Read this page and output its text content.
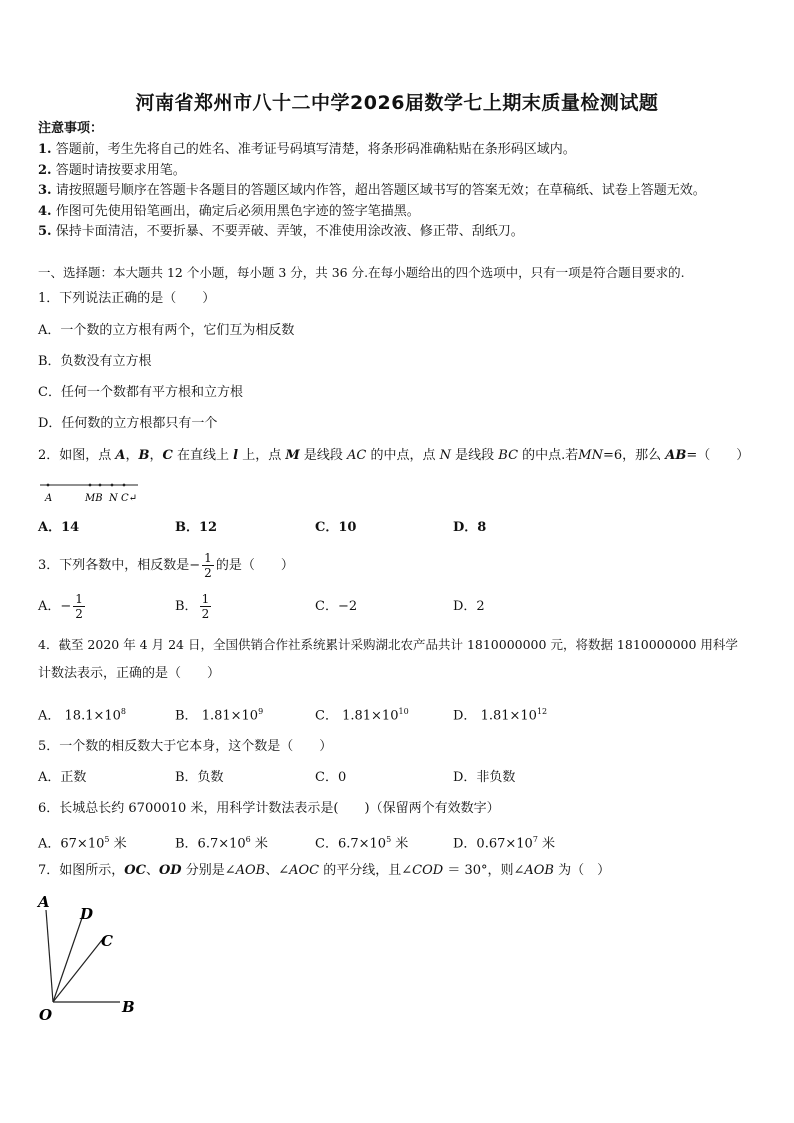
河南省郑州市八十二中学2026届数学七上期末质量检测试题
注意事项：
1. 答题前，考生先将自己的姓名、准考证号码填写清楚，将条形码准确粘贴在条形码区域内。
2. 答题时请按要求用笔。
3. 请按照题号顺序在答题卡各题目的答题区域内作答，超出答题区域书写的答案无效；在草稿纸、试卷上答题无效。
4. 作图可先使用铅笔画出，确定后必须用黑色字迹的签字笔描黑。
5. 保持卡面清洁，不要折暴、不要弄破、弄皱，不准使用涂改液、修正带、刮纸刀。
一、选择题：本大题共 12 个小题，每小题 3 分，共 36 分.在每小题给出的四个选项中，只有一项是符合题目要求的.
1．下列说法正确的是（　　）
A．一个数的立方根有两个，它们互为相反数
B．负数没有立方根
C．任何一个数都有平方根和立方根
D．任何数的立方根都只有一个
2．如图，点 A，B，C 在直线上 l 上，点 M 是线段 AC 的中点，点 N 是线段 BC 的中点.若MN=6，那么 AB=（　　）
A	MB N C↵
A．14	B．12	C．10	D．8
3．下列各数中，相反数是− $\frac{1}{2}$ 的是（　　）
A．− $\frac{1}{2}$	B． $\frac{1}{2}$	C．−2	D．2
4．截至 2020 年 4 月 24 日，全国供销合作社系统累计采购湖北农产品共计 1810000000 元，将数据 1810000000 用科学
计数法表示，正确的是（　　）
A． $18.1\times 10^8$	B． $1.81\times 10^9$	C． $1.81\times 10^{10}$	D． $1.81\times 10^{12}$
5．一个数的相反数大于它本身，这个数是（　　）
A．正数	B．负数	C．0	D．非负数
6．长城总长约 6700010 米，用科学计数法表示是(　　)（保留两个有效数字）
A．$67\times 10^5$ 米	B．$6.7\times 10^6$ 米	C．$6.7\times 10^5$ 米	D．$0.67\times 10^7$ 米
7．如图所示，OC、OD 分别是∠AOB、∠AOC 的平分线，且∠COD ＝ 30°，则∠AOB 为（　）
A
D
C
O	B
